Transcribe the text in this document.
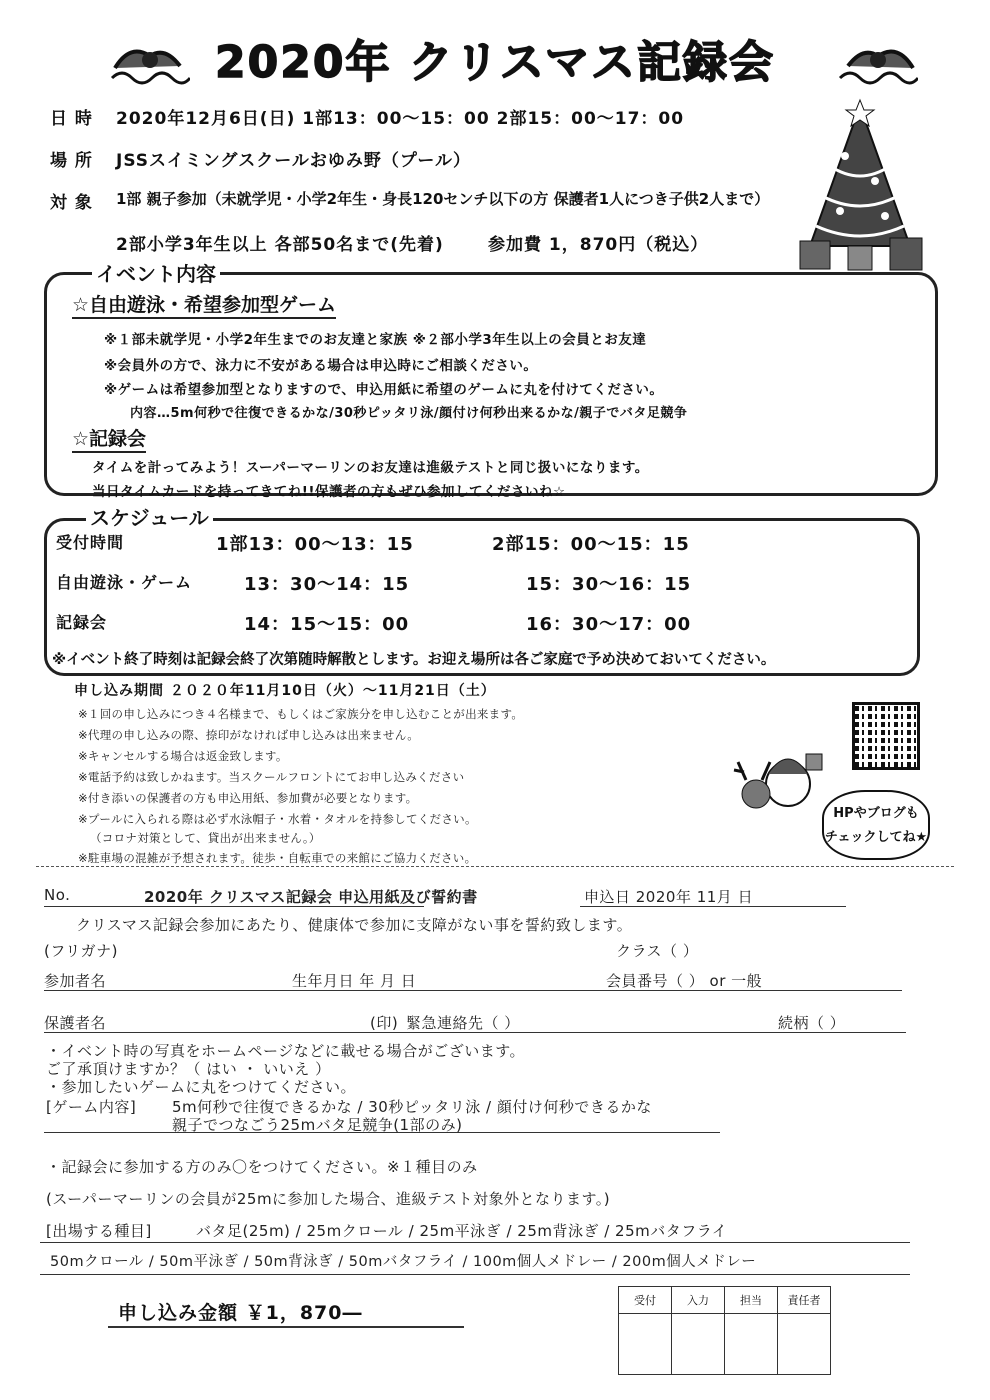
2020年 クリスマス記録会
日 時 2020年12月6日(日) 1部13：00～15：00 2部15：00～17：00
場 所 JSSスイミングスクールおゆみ野（プール）
対 象 1部 親子参加（未就学児・小学2年生・身長120センチ以下の方 保護者1人につき子供2人まで）
2部小学3年生以上 各部50名まで(先着)	参加費 1，870円（税込）
イベント内容
☆自由遊泳・希望参加型ゲーム
※１部未就学児・小学2年生までのお友達と家族 ※２部小学3年生以上の会員とお友達
※会員外の方で、泳力に不安がある場合は申込時にご相談ください。
※ゲームは希望参加型となりますので、申込用紙に希望のゲームに丸を付けてください。
内容…5m何秒で往復できるかな/30秒ピッタリ泳/顔付け何秒出来るかな/親子でバタ足競争
☆記録会
タイムを計ってみよう！スーパーマーリンのお友達は進級テストと同じ扱いになります。
当日タイムカードを持ってきてね!!保護者の方もぜひ参加してくださいね☆
スケジュール
受付時間	1部13：00～13：15	2部15：00～15：15
自由遊泳・ゲーム	13：30～14：15	15：30～16：15
記録会	14：15～15：00	16：30～17：00
※イベント終了時刻は記録会終了次第随時解散とします。お迎え場所は各ご家庭で予め決めておいてください。
申し込み期間 ２０２０年11月10日（火）～11月21日（土）
※１回の申し込みにつき４名様まで、もしくはご家族分を申し込むことが出来ます。
※代理の申し込みの際、捺印がなければ申し込みは出来ません。
※キャンセルする場合は返金致します。
※電話予約は致しかねます。当スクールフロントにてお申し込みください
※付き添いの保護者の方も申込用紙、参加費が必要となります。
※プールに入られる際は必ず水泳帽子・水着・タオルを持参してください。
（コロナ対策として、貸出が出来ません。）
※駐車場の混雑が予想されます。徒歩・自転車での来館にご協力ください。
HPやブログも
チェックしてね★
No.	2020年 クリスマス記録会 申込用紙及び誓約書	申込日 2020年 11月 日
クリスマス記録会参加にあたり、健康体で参加に支障がない事を誓約致します。
(フリガナ)	クラス（ ）
参加者名	生年月日 年 月 日	会員番号（ ） or 一般
保護者名	(印) 緊急連絡先（ ）	続柄（ ）
・イベント時の写真をホームページなどに載せる場合がございます。
ご了承頂けますか？（ はい ・ いいえ ）
・参加したいゲームに丸をつけてください。
[ゲーム内容] 5m何秒で往復できるかな / 30秒ピッタリ泳 / 顔付け何秒できるかな
親子でつなごう25mバタ足競争(1部のみ)
・記録会に参加する方のみ〇をつけてください。※１種目のみ
(スーパーマーリンの会員が25mに参加した場合、進級テスト対象外となります。)
[出場する種目]	バタ足(25m) / 25mクロール / 25m平泳ぎ / 25m背泳ぎ / 25mバタフライ
50mクロール / 50m平泳ぎ / 50m背泳ぎ / 50mバタフライ / 100m個人メドレー / 200m個人メドレー
申し込み金額 ￥1，870―
受付	入力	担当	責任者
